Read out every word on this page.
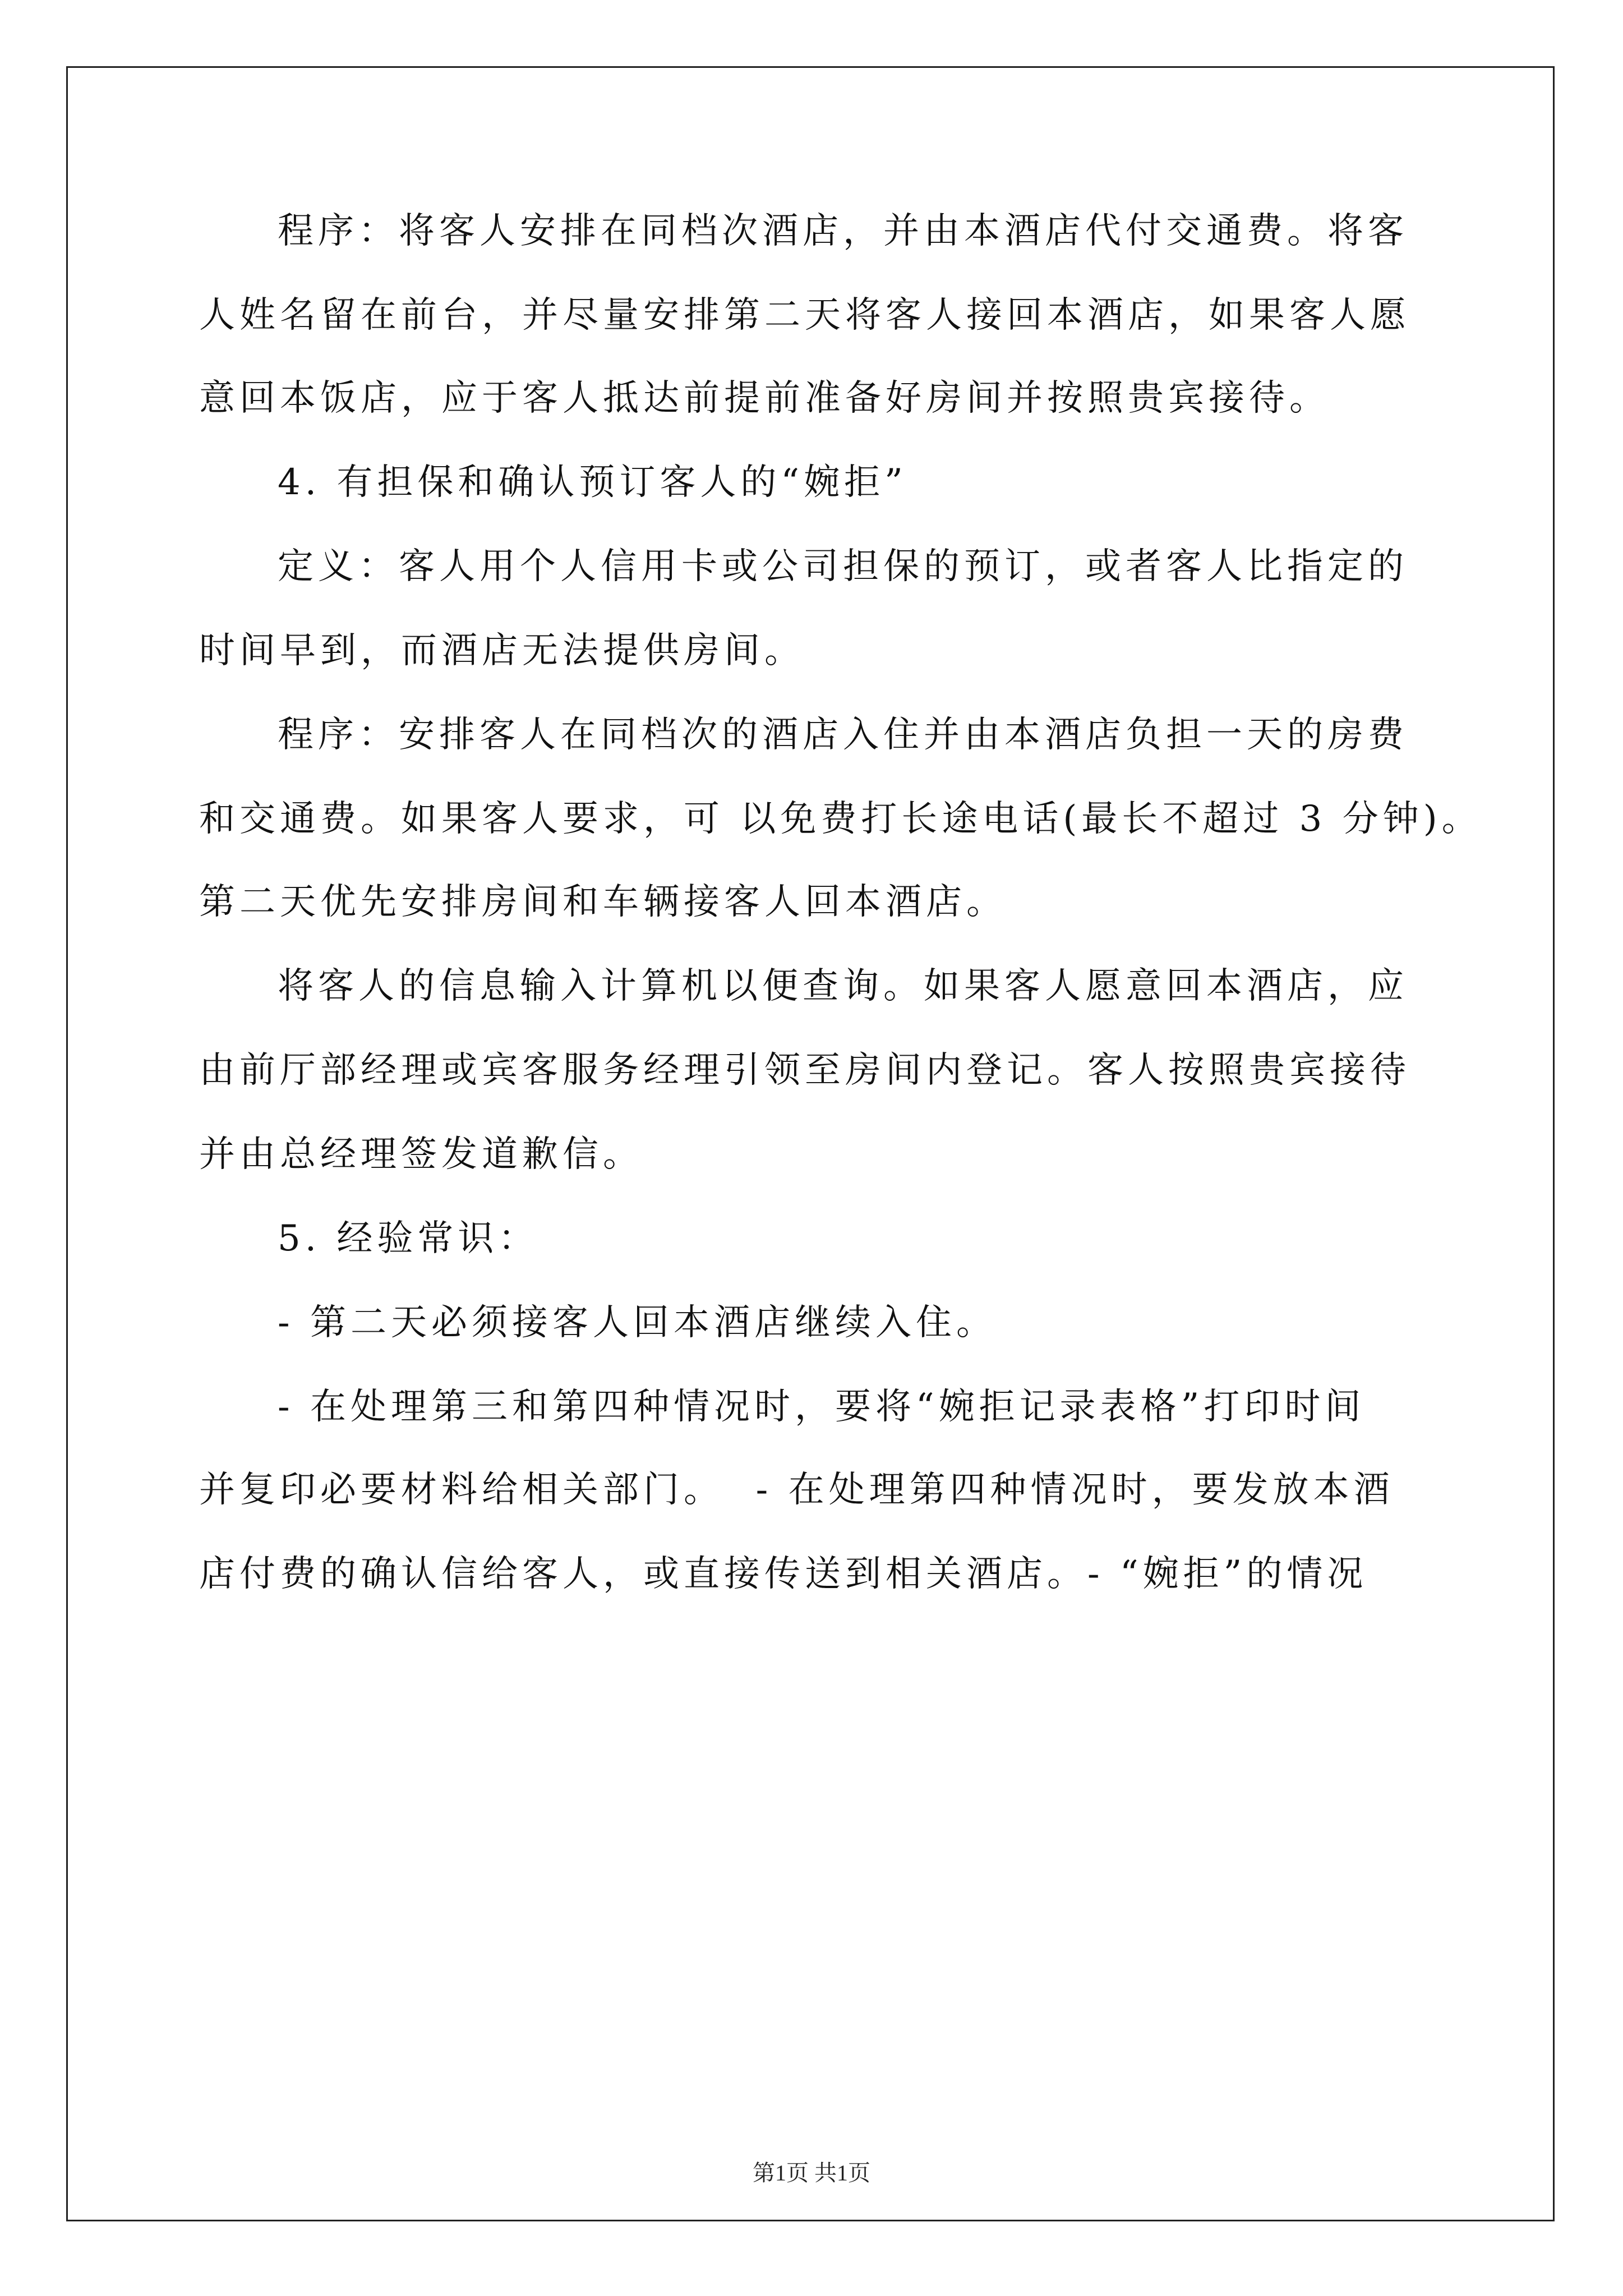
程序：将客人安排在同档次酒店，并由本酒店代付交通费。将客
人姓名留在前台，并尽量安排第二天将客人接回本酒店，如果客人愿
意回本饭店，应于客人抵达前提前准备好房间并按照贵宾接待。
4. 有担保和确认预订客人的“婉拒”
定义：客人用个人信用卡或公司担保的预订，或者客人比指定的
时间早到，而酒店无法提供房间。
程序：安排客人在同档次的酒店入住并由本酒店负担一天的房费
和交通费。如果客人要求，可 以免费打长途电话(最长不超过 3 分钟)。
第二天优先安排房间和车辆接客人回本酒店。
将客人的信息输入计算机以便查询。如果客人愿意回本酒店，应
由前厅部经理或宾客服务经理引领至房间内登记。客人按照贵宾接待
并由总经理签发道歉信。
5. 经验常识：
- 第二天必须接客人回本酒店继续入住。
- 在处理第三和第四种情况时，要将“婉拒记录表格”打印时间
并复印必要材料给相关部门。  - 在处理第四种情况时，要发放本酒
店付费的确认信给客人，或直接传送到相关酒店。- “婉拒”的情况
第1页 共1页
